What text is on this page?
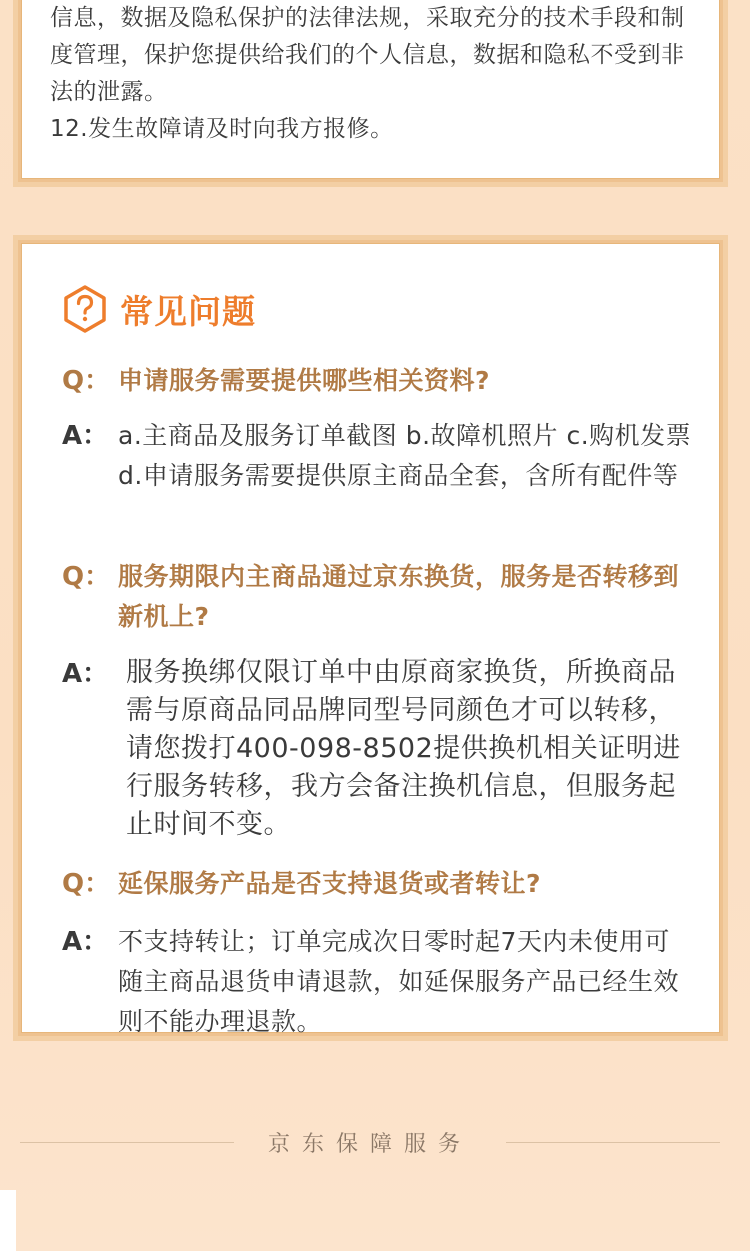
信息，数据及隐私保护的法律法规，采取充分的技术手段和制度管理，保护您提供给我们的个人信息，数据和隐私不受到非法的泄露。
12.发生故障请及时向我方报修。

常见问题
Q： 申请服务需要提供哪些相关资料?
A： a.主商品及服务订单截图 b.故障机照片 c.购机发票 d.申请服务需要提供原主商品全套，含所有配件等
Q： 服务期限内主商品通过京东换货，服务是否转移到新机上?
A： 服务换绑仅限订单中由原商家换货，所换商品需与原商品同品牌同型号同颜色才可以转移，请您拨打400-098-8502提供换机相关证明进行服务转移，我方会备注换机信息，但服务起止时间不变。
Q： 延保服务产品是否支持退货或者转让?
A： 不支持转让；订单完成次日零时起7天内未使用可随主商品退货申请退款，如延保服务产品已经生效则不能办理退款。
京东保障服务
